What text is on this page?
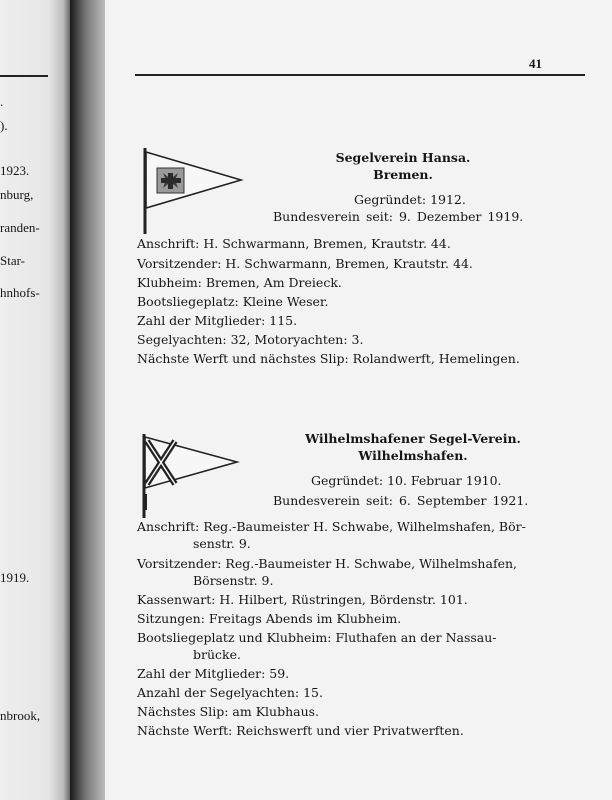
.
).
1923.
nburg,
randen-
Star-
hnhofs-
1919.
nbrook,
41
Segelverein Hansa.
Bremen.
Gegründet: 1912.
Bundesverein seit: 9. Dezember 1919.
Anschrift: H. Schwarmann, Bremen, Krautstr. 44.
Vorsitzender: H. Schwarmann, Bremen, Krautstr. 44.
Klubheim: Bremen, Am Dreieck.
Bootsliegeplatz: Kleine Weser.
Zahl der Mitglieder: 115.
Segelyachten: 32, Motoryachten: 3.
Nächste Werft und nächstes Slip: Rolandwerft, Hemelingen.
Wilhelmshafener Segel-Verein.
Wilhelmshafen.
Gegründet: 10. Februar 1910.
Bundesverein seit: 6. September 1921.
Anschrift: Reg.-Baumeister H. Schwabe, Wilhelmshafen, Bör-
senstr. 9.
Vorsitzender: Reg.-Baumeister H. Schwabe, Wilhelmshafen,
Börsenstr. 9.
Kassenwart: H. Hilbert, Rüstringen, Bördenstr. 101.
Sitzungen: Freitags Abends im Klubheim.
Bootsliegeplatz und Klubheim: Fluthafen an der Nassau-
brücke.
Zahl der Mitglieder: 59.
Anzahl der Segelyachten: 15.
Nächstes Slip: am Klubhaus.
Nächste Werft: Reichswerft und vier Privatwerften.
